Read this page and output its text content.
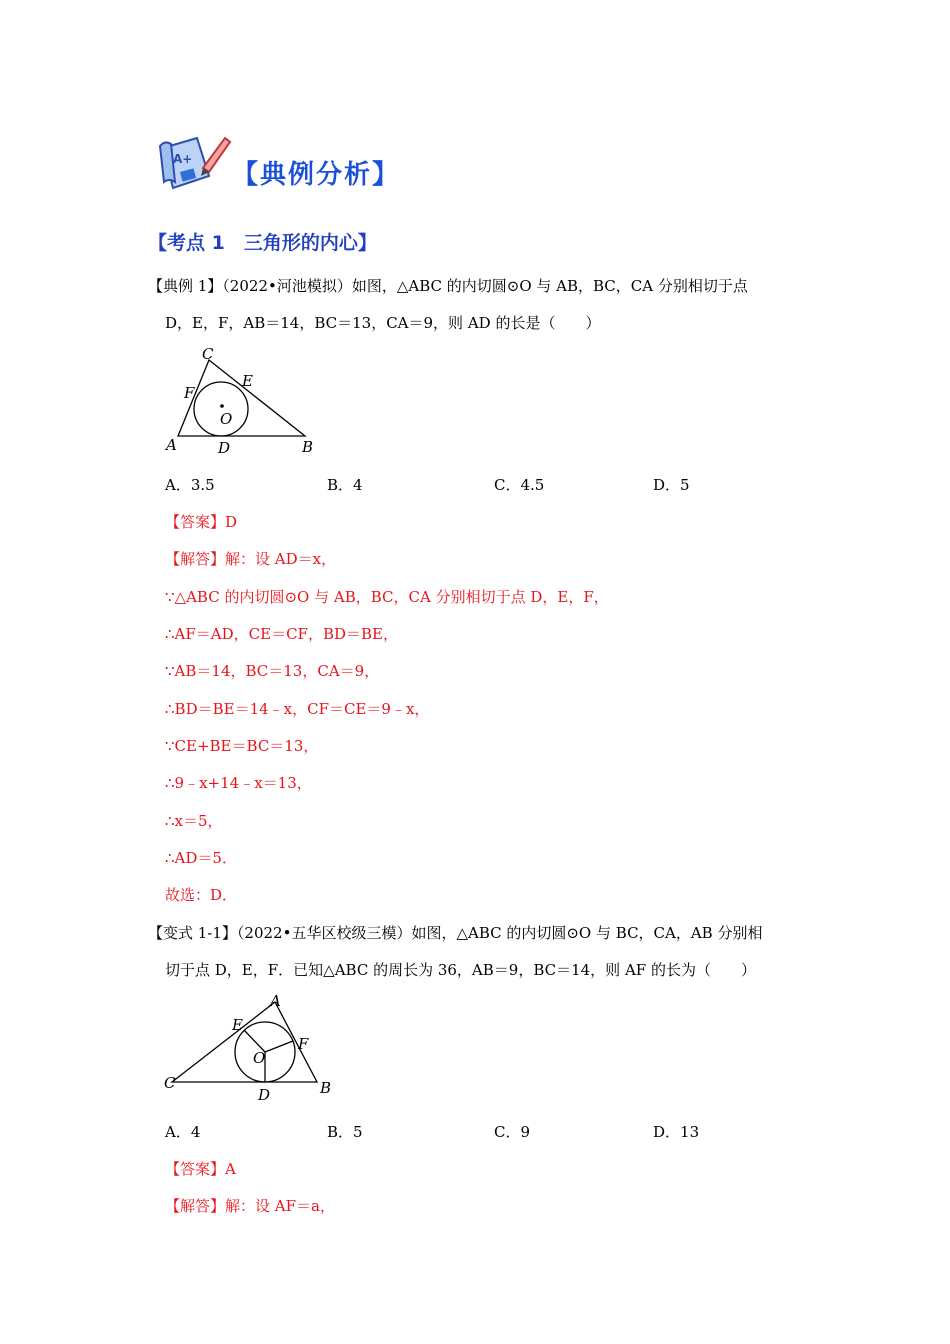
A+
【典例分析】
【考点 1　三角形的内心】
【典例 1】（2022•河池模拟）如图，△ABC 的内切圆⊙O 与 AB，BC，CA 分别相切于点
D，E，F，AB＝14，BC＝13，CA＝9，则 AD 的长是（　　）
C
E
F
O
A	D	B
A．3.5	B．4	C．4.5	D．5
【答案】D
【解答】解：设 AD＝x，
∵△ABC 的内切圆⊙O 与 AB，BC，CA 分别相切于点 D，E，F，
∴AF＝AD，CE＝CF，BD＝BE，
∵AB＝14，BC＝13，CA＝9，
∴BD＝BE＝14﹣x，CF＝CE＝9﹣x，
∵CE+BE＝BC＝13，
∴9﹣x+14﹣x＝13，
∴x＝5，
∴AD＝5．
故选：D．
【变式 1-1】（2022•五华区校级三模）如图，△ABC 的内切圆⊙O 与 BC，CA，AB 分别相
切于点 D，E，F．已知△ABC 的周长为 36，AB＝9，BC＝14，则 AF 的长为（　　）
A
E
F
O
C
D	B
A．4	B．5	C．9	D．13
【答案】A
【解答】解：设 AF＝a，
